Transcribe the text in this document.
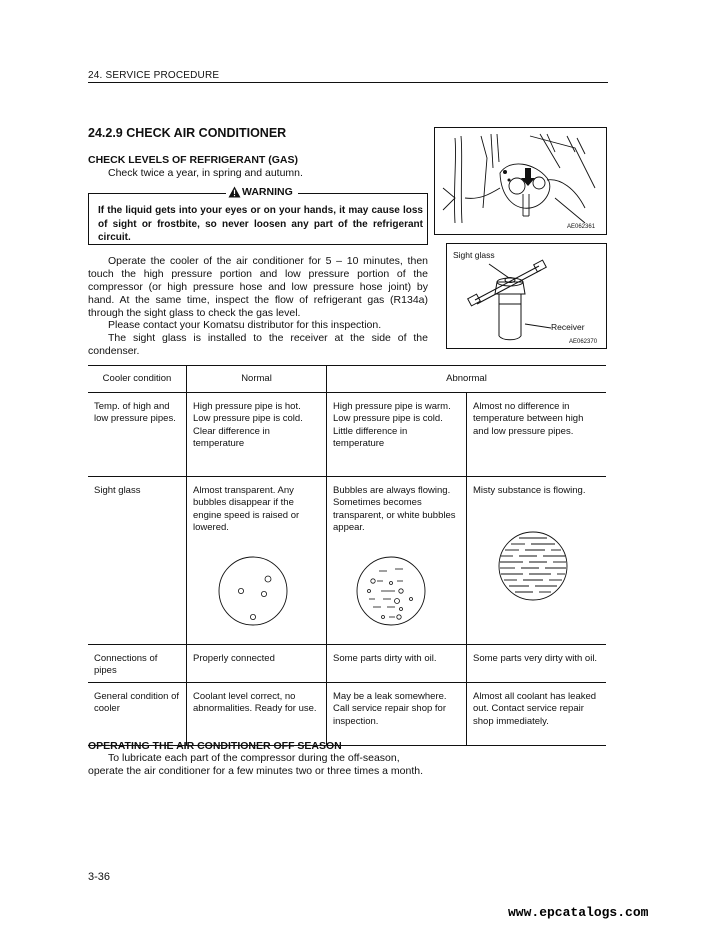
24. SERVICE PROCEDURE
24.2.9 CHECK AIR CONDITIONER
CHECK LEVELS OF REFRIGERANT (GAS)
Check twice a year, in spring and autumn.
WARNING
If the liquid gets into your eyes or on your hands, it may cause loss of sight or frostbite, so never loosen any part of the refrigerant circuit.
Operate the cooler of the air conditioner for 5 – 10 minutes, then touch the high pressure portion and low pressure portion of the compressor (or high pressure hose and low pressure hose joint) by hand. At the same time, inspect the flow of refrigerant gas (R134a) through the sight glass to check the gas level.
Please contact your Komatsu distributor for this inspection.
The sight glass is installed to the receiver at the side of the condenser.
AE062361
Sight glass
Receiver
AE062370
Cooler condition	Normal	Abnormal	
Temp. of high and low pressure pipes.	High pressure pipe is hot. Low pressure pipe is cold. Clear difference in temperature	High pressure pipe is warm. Low pressure pipe is cold. Little difference in temperature	Almost no difference in temperature between high and low pressure pipes.
Sight glass	Almost transparent. Any bubbles disappear if the engine speed is raised or lowered.	Bubbles are always flowing. Sometimes becomes transparent, or white bubbles appear.	Misty substance is flowing.

Connections of pipes	Properly connected	Some parts dirty with oil.	Some parts very dirty with oil.
General condition of cooler	Coolant level correct, no abnormalities. Ready for use.	May be a leak somewhere. Call service repair shop for inspection.	Almost all coolant has leaked out. Contact service repair shop immediately.
OPERATING THE AIR CONDITIONER OFF SEASON
To lubricate each part of the compressor during the off-season, operate the air conditioner for a few minutes two or three times a month.
3-36
www.epcatalogs.com
